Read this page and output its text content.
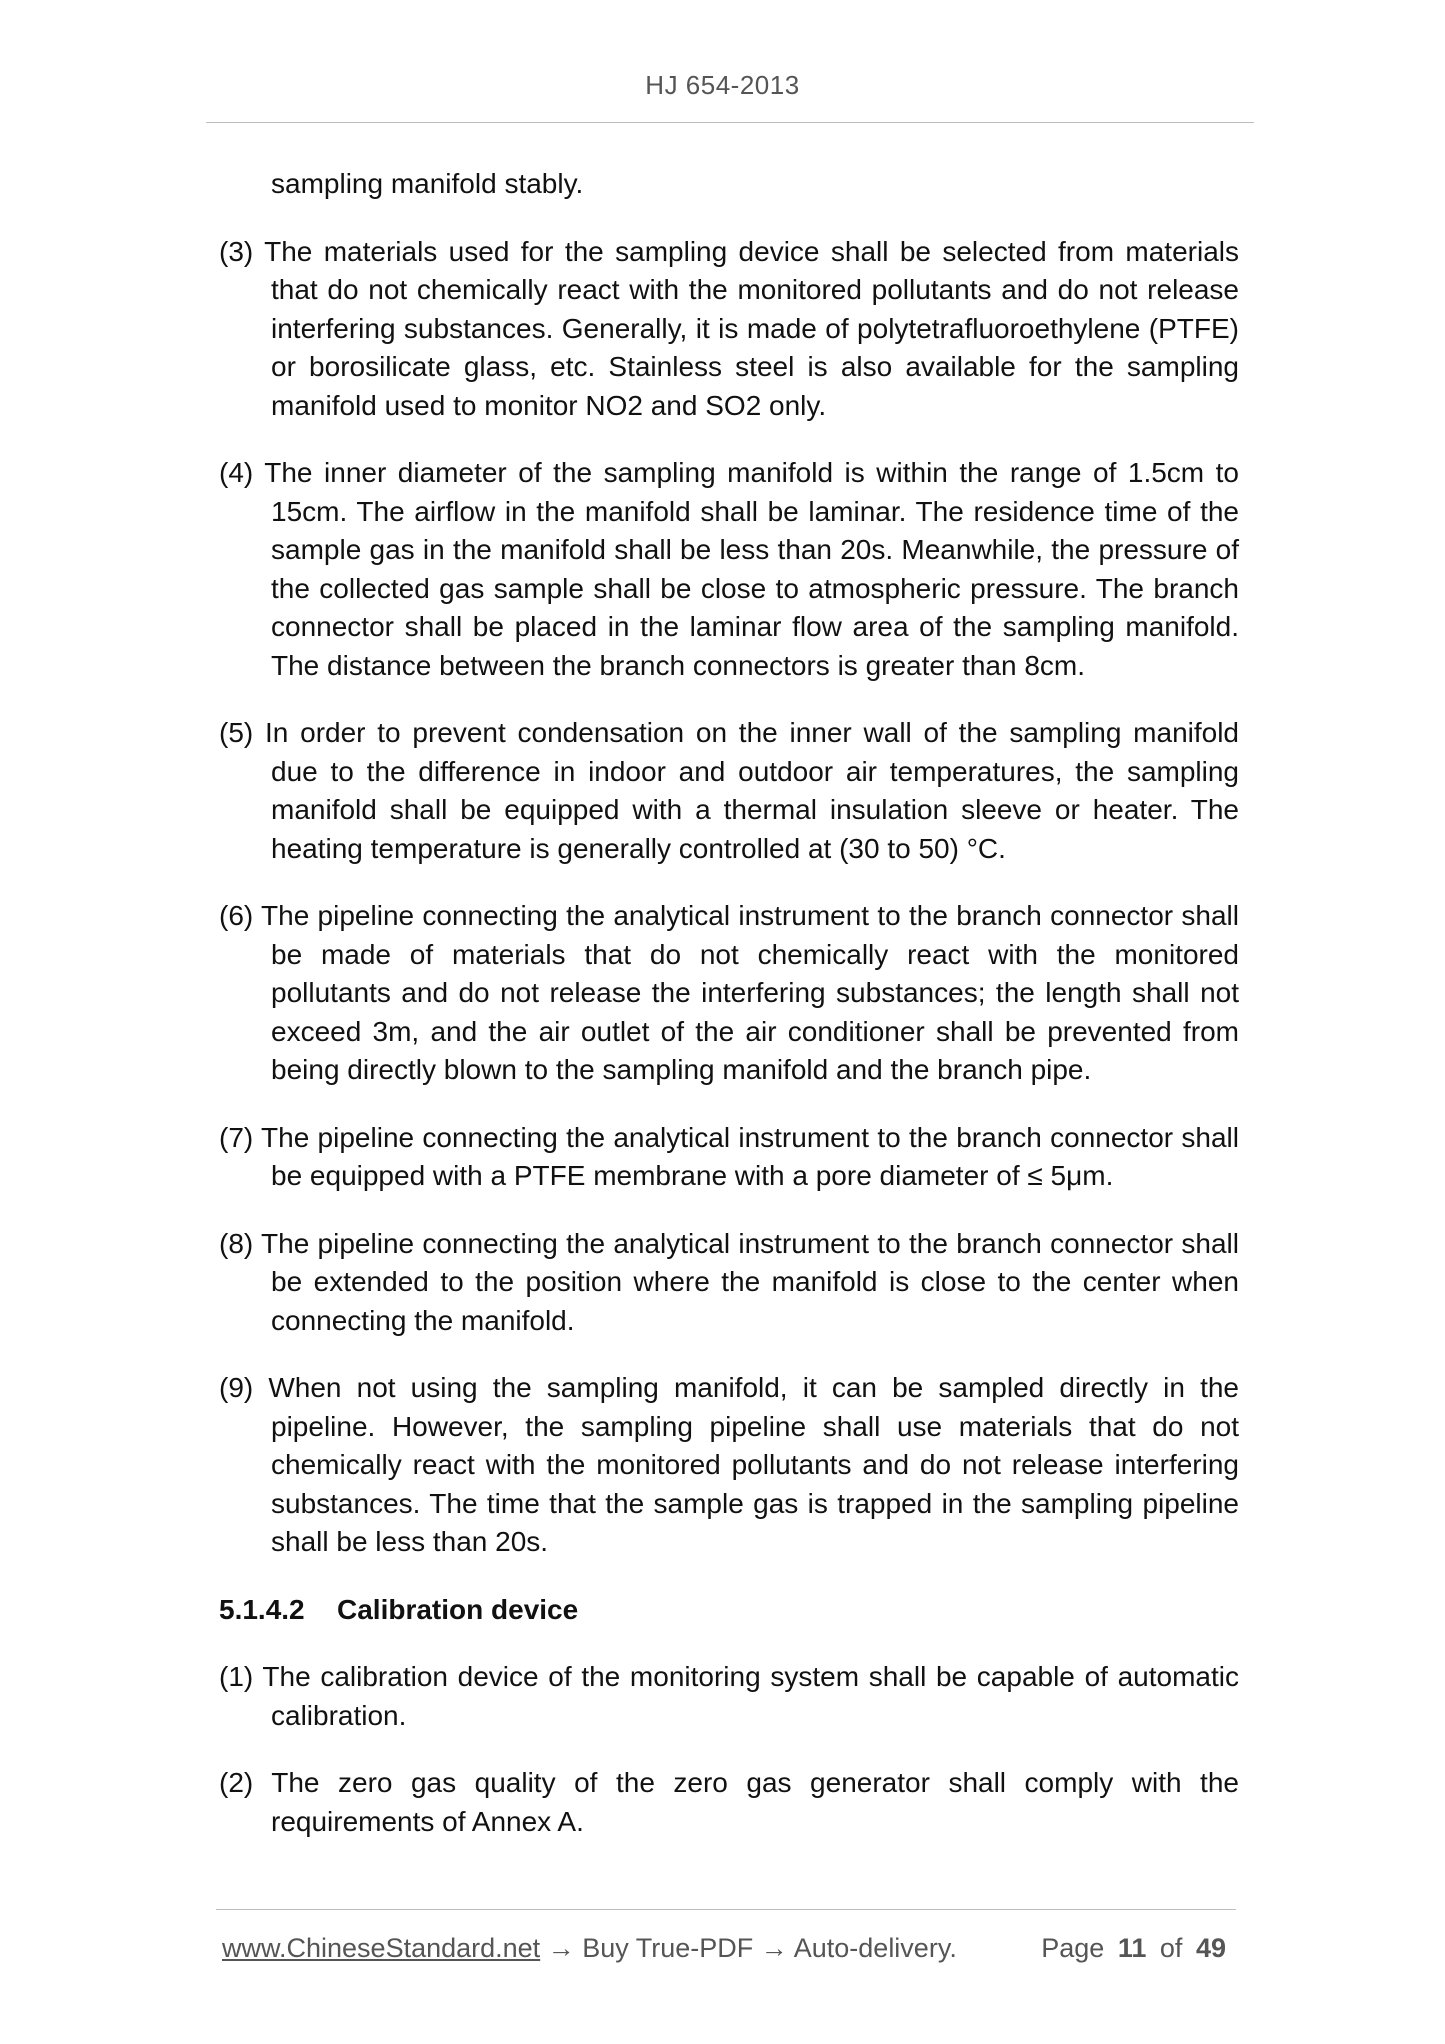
HJ 654-2013

sampling manifold stably.

(3) The materials used for the sampling device shall be selected from materials that do not chemically react with the monitored pollutants and do not release interfering substances. Generally, it is made of polytetrafluoroethylene (PTFE) or borosilicate glass, etc. Stainless steel is also available for the sampling manifold used to monitor NO2 and SO2 only.

(4) The inner diameter of the sampling manifold is within the range of 1.5cm to 15cm. The airflow in the manifold shall be laminar. The residence time of the sample gas in the manifold shall be less than 20s. Meanwhile, the pressure of the collected gas sample shall be close to atmospheric pressure. The branch connector shall be placed in the laminar flow area of the sampling manifold. The distance between the branch connectors is greater than 8cm.

(5) In order to prevent condensation on the inner wall of the sampling manifold due to the difference in indoor and outdoor air temperatures, the sampling manifold shall be equipped with a thermal insulation sleeve or heater. The heating temperature is generally controlled at (30 to 50) °C.

(6) The pipeline connecting the analytical instrument to the branch connector shall be made of materials that do not chemically react with the monitored pollutants and do not release the interfering substances; the length shall not exceed 3m, and the air outlet of the air conditioner shall be prevented from being directly blown to the sampling manifold and the branch pipe.

(7) The pipeline connecting the analytical instrument to the branch connector shall be equipped with a PTFE membrane with a pore diameter of ≤ 5μm.

(8) The pipeline connecting the analytical instrument to the branch connector shall be extended to the position where the manifold is close to the center when connecting the manifold.

(9) When not using the sampling manifold, it can be sampled directly in the pipeline. However, the sampling pipeline shall use materials that do not chemically react with the monitored pollutants and do not release interfering substances. The time that the sample gas is trapped in the sampling pipeline shall be less than 20s.

5.1.4.2 Calibration device

(1) The calibration device of the monitoring system shall be capable of automatic calibration.

(2) The zero gas quality of the zero gas generator shall comply with the requirements of Annex A.

www.ChineseStandard.net → Buy True-PDF → Auto-delivery.	Page 11 of 49
